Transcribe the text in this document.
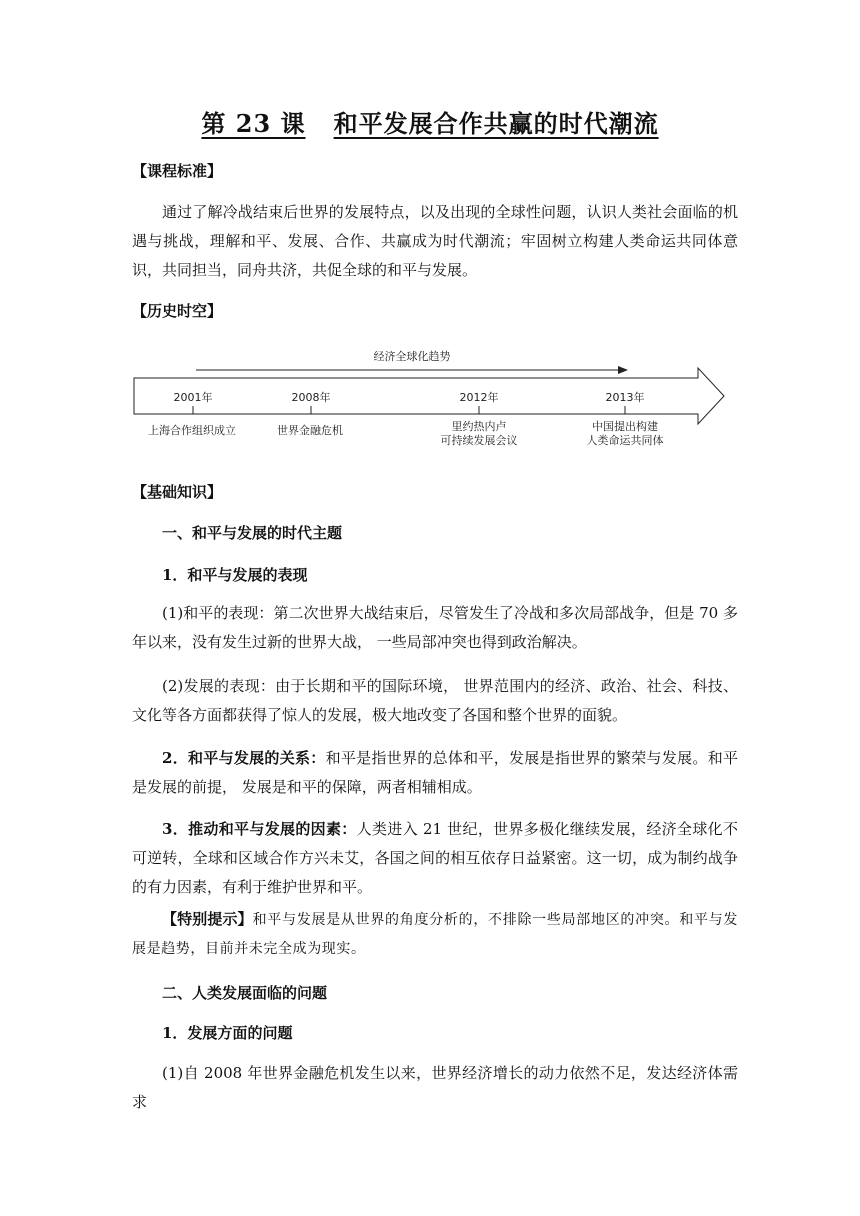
第 23 课 和平发展合作共赢的时代潮流
【课程标准】
通过了解冷战结束后世界的发展特点，以及出现的全球性问题，认识人类社会面临的机遇与挑战，理解和平、发展、合作、共赢成为时代潮流；牢固树立构建人类命运共同体意识，共同担当，同舟共济，共促全球的和平与发展。
【历史时空】
经济全球化趋势
2001年
上海合作组织成立
2008年
世界金融危机
2012年
里约热内卢
可持续发展会议
2013年
中国提出构建
人类命运共同体
【基础知识】
一、和平与发展的时代主题
1．和平与发展的表现
(1)和平的表现：第二次世界大战结束后，尽管发生了冷战和多次局部战争，但是 70 多年以来，没有发生过新的世界大战， 一些局部冲突也得到政治解决。
(2)发展的表现：由于长期和平的国际环境， 世界范围内的经济、政治、社会、科技、文化等各方面都获得了惊人的发展，极大地改变了各国和整个世界的面貌。
2．和平与发展的关系：和平是指世界的总体和平，发展是指世界的繁荣与发展。和平是发展的前提， 发展是和平的保障，两者相辅相成。
3．推动和平与发展的因素：人类进入 21 世纪，世界多极化继续发展，经济全球化不可逆转，全球和区域合作方兴未艾，各国之间的相互依存日益紧密。这一切，成为制约战争的有力因素，有利于维护世界和平。
【特别提示】和平与发展是从世界的角度分析的，不排除一些局部地区的冲突。和平与发展是趋势，目前并未完全成为现实。
二、人类发展面临的问题
1．发展方面的问题
(1)自 2008 年世界金融危机发生以来，世界经济增长的动力依然不足，发达经济体需求
